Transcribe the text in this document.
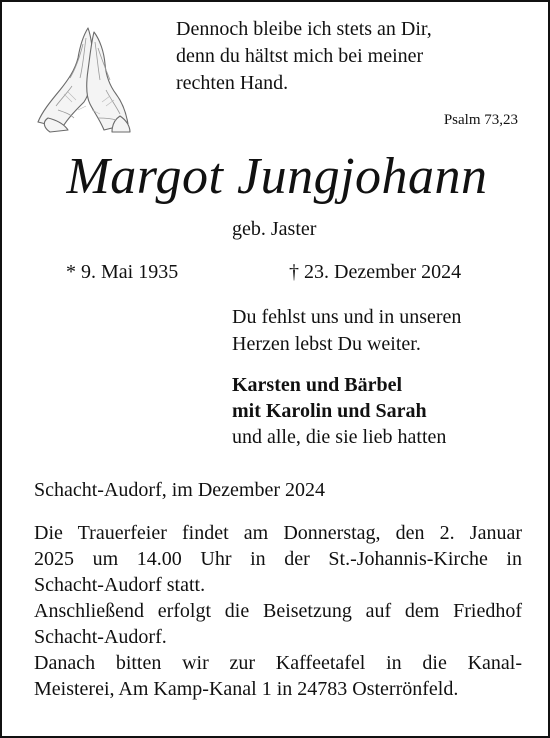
Dennoch bleibe ich stets an Dir,
denn du hältst mich bei meiner
rechten Hand.
Psalm 73,23
Margot Jungjohann
geb. Jaster
* 9. Mai 1935	† 23. Dezember 2024
Du fehlst uns und in unseren
Herzen lebst Du weiter.
Karsten und Bärbel
mit Karolin und Sarah
und alle, die sie lieb hatten
Schacht-Audorf, im Dezember 2024
Die Trauerfeier findet am Donnerstag, den 2. Januar
2025 um 14.00 Uhr in der St.-Johannis-Kirche in
Schacht-Audorf statt.
Anschließend erfolgt die Beisetzung auf dem Friedhof
Schacht-Audorf.
Danach bitten wir zur Kaffeetafel in die Kanal-
Meisterei, Am Kamp-Kanal 1 in 24783 Osterrönfeld.
